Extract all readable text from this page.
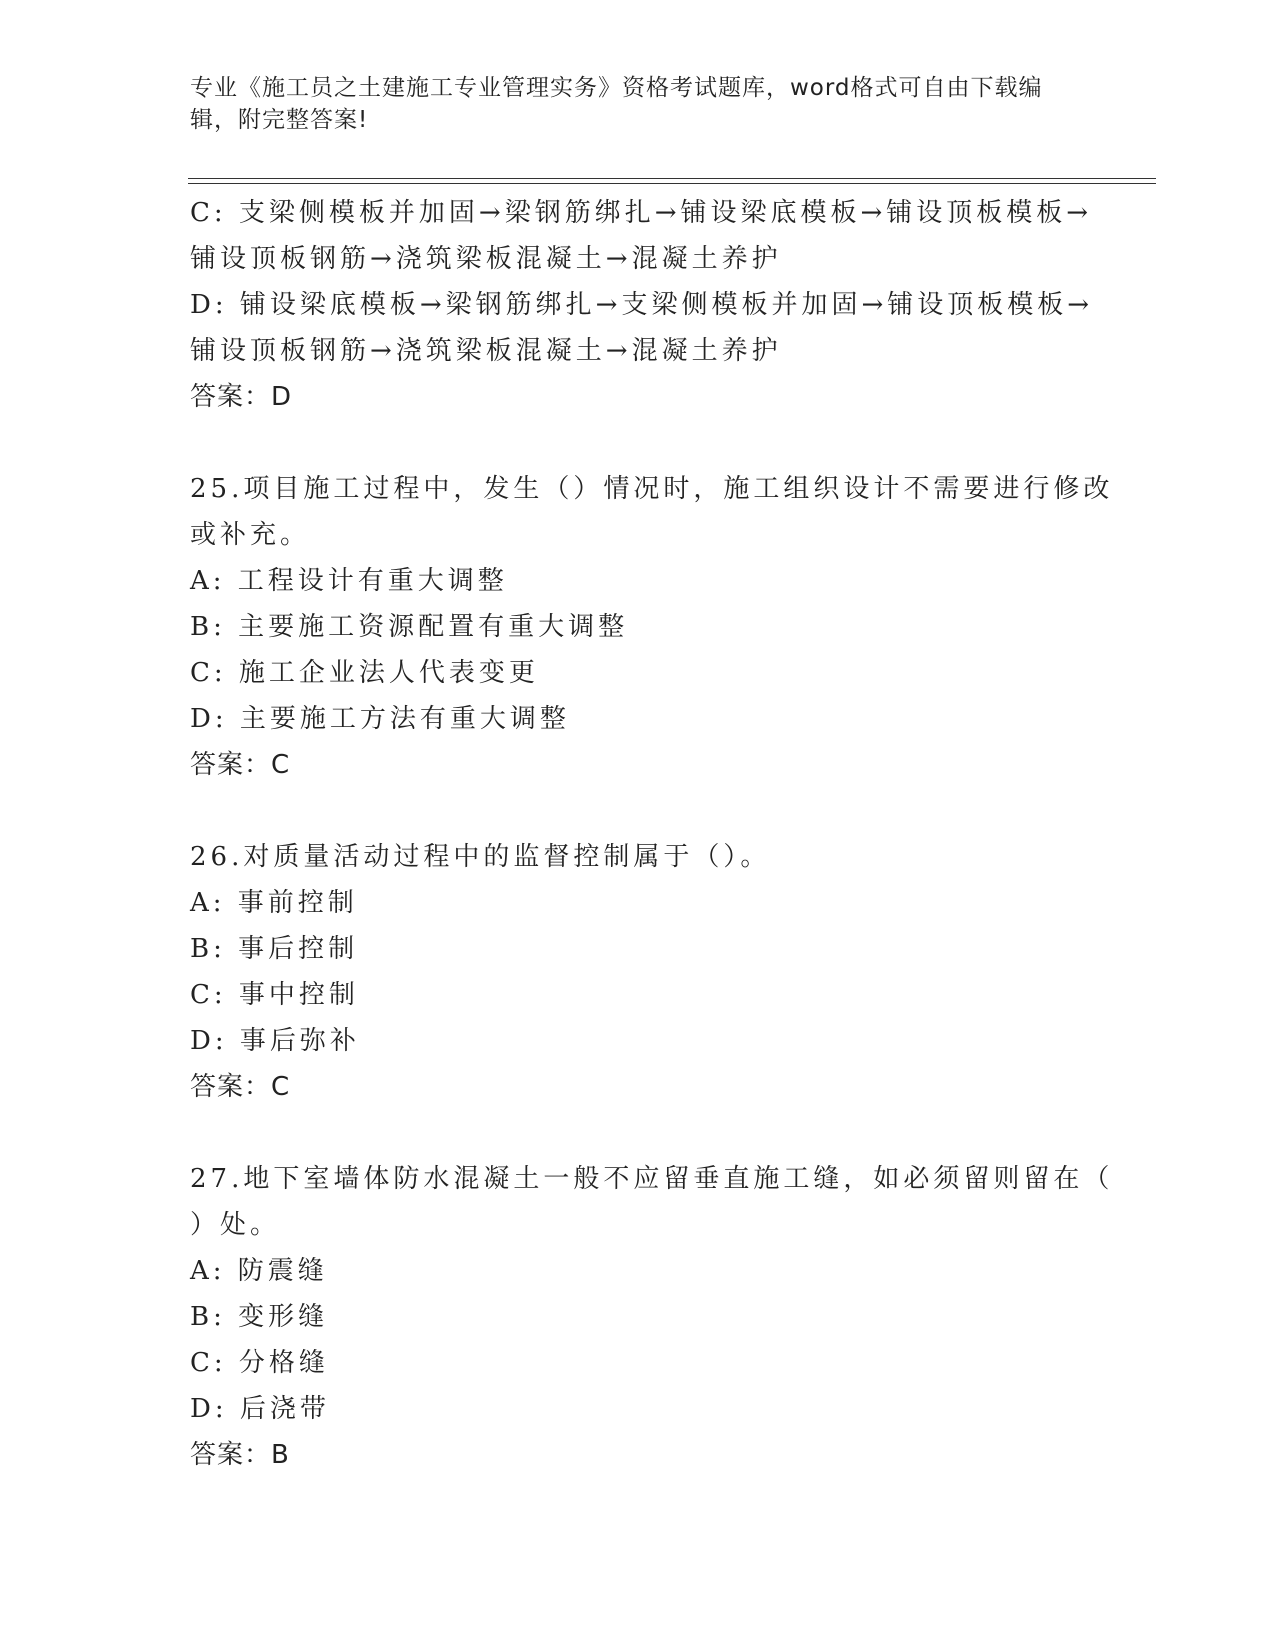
专业《施工员之土建施工专业管理实务》资格考试题库，word格式可自由下载编
辑，附完整答案!
C: 支梁侧模板并加固→梁钢筋绑扎→铺设梁底模板→铺设顶板模板→
铺设顶板钢筋→浇筑梁板混凝土→混凝土养护
D: 铺设梁底模板→梁钢筋绑扎→支梁侧模板并加固→铺设顶板模板→
铺设顶板钢筋→浇筑梁板混凝土→混凝土养护
答案：D
25.项目施工过程中，发生（）情况时，施工组织设计不需要进行修改
或补充。
A: 工程设计有重大调整
B: 主要施工资源配置有重大调整
C: 施工企业法人代表变更
D: 主要施工方法有重大调整
答案：C
26.对质量活动过程中的监督控制属于（）。
A: 事前控制
B: 事后控制
C: 事中控制
D: 事后弥补
答案：C
27.地下室墙体防水混凝土一般不应留垂直施工缝，如必须留则留在（
）处。
A: 防震缝
B: 变形缝
C: 分格缝
D: 后浇带
答案：B
